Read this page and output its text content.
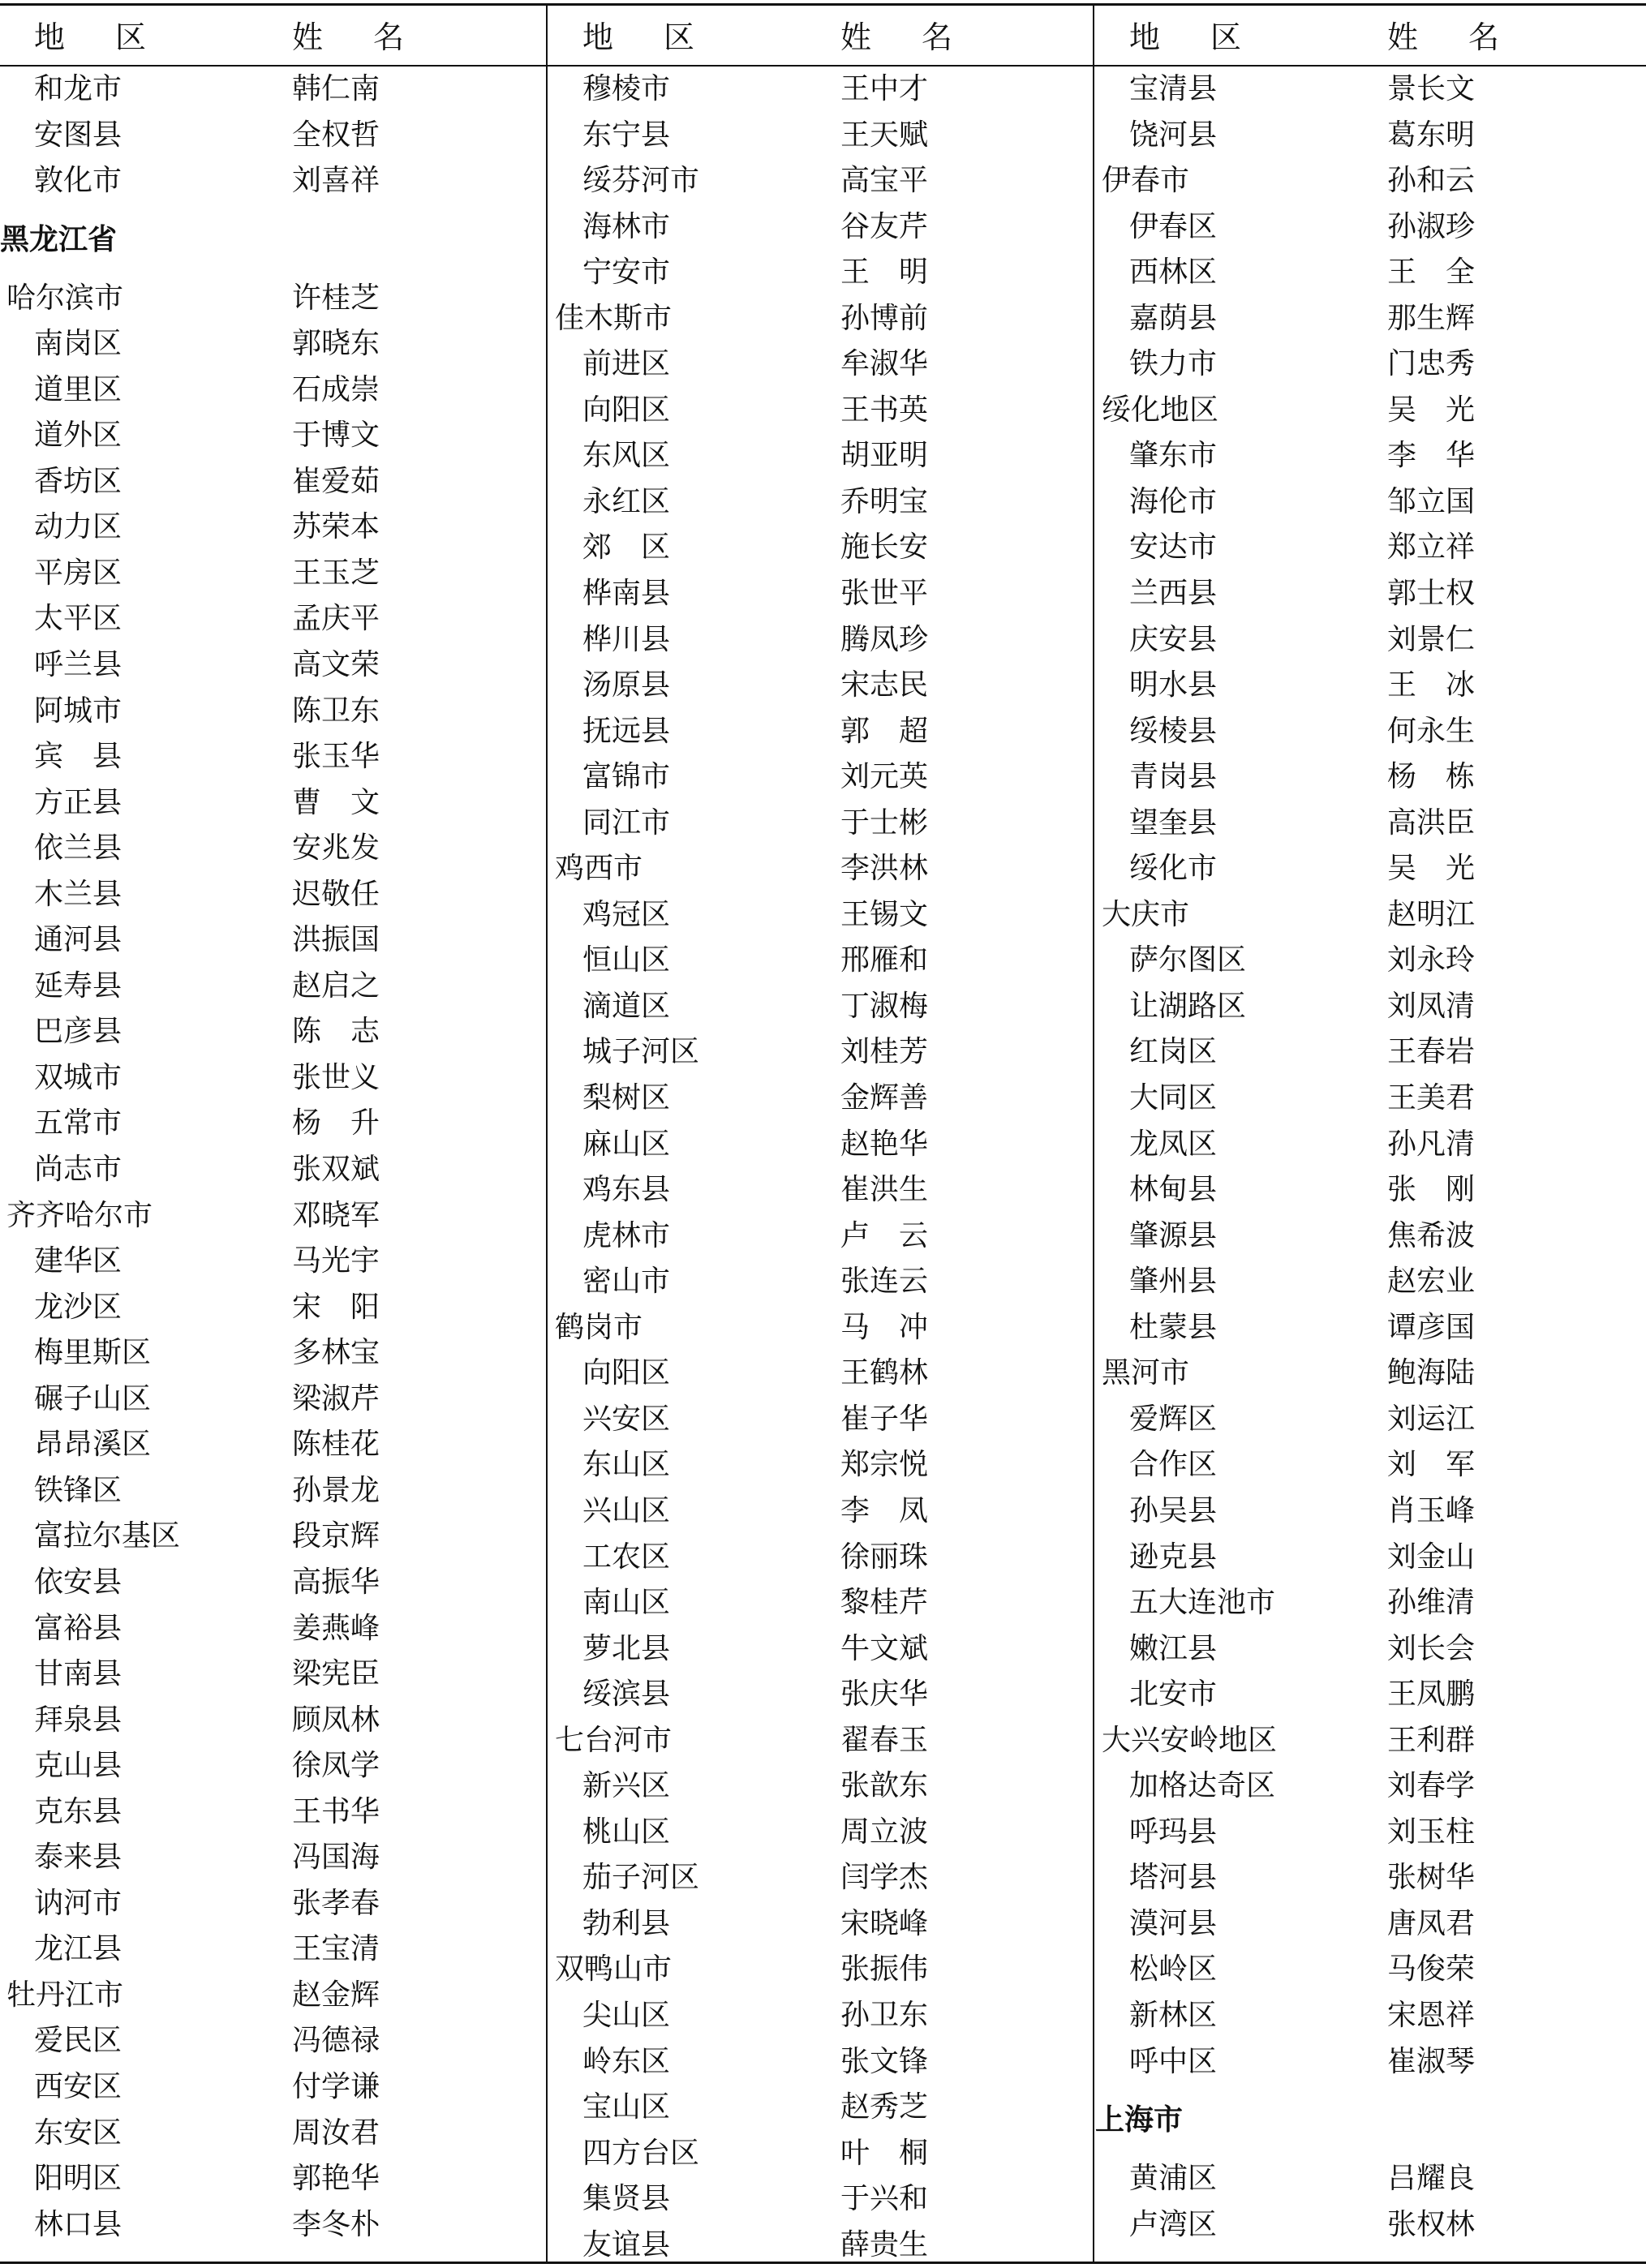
地　区	姓　名
和龙市	韩仁南
安图县	全权哲
敦化市	刘喜祥
黑龙江省
哈尔滨市	许桂芝
南岗区	郭晓东
道里区	石成崇
道外区	于博文
香坊区	崔爱茹
动力区	苏荣本
平房区	王玉芝
太平区	孟庆平
呼兰县	高文荣
阿城市	陈卫东
宾　县	张玉华
方正县	曹　文
依兰县	安兆发
木兰县	迟敬任
通河县	洪振国
延寿县	赵启之
巴彦县	陈　志
双城市	张世义
五常市	杨　升
尚志市	张双斌
齐齐哈尔市	邓晓军
建华区	马光宇
龙沙区	宋　阳
梅里斯区	多林宝
碾子山区	梁淑芹
昂昂溪区	陈桂花
铁锋区	孙景龙
富拉尔基区	段京辉
依安县	高振华
富裕县	姜燕峰
甘南县	梁宪臣
拜泉县	顾凤林
克山县	徐凤学
克东县	王书华
泰来县	冯国海
讷河市	张孝春
龙江县	王宝清
牡丹江市	赵金辉
爱民区	冯德禄
西安区	付学谦
东安区	周汝君
阳明区	郭艳华
林口县	李冬朴
地　区	姓　名
穆棱市	王中才
东宁县	王天赋
绥芬河市	高宝平
海林市	谷友芹
宁安市	王　明
佳木斯市	孙博前
前进区	牟淑华
向阳区	王书英
东风区	胡亚明
永红区	乔明宝
郊　区	施长安
桦南县	张世平
桦川县	腾凤珍
汤原县	宋志民
抚远县	郭　超
富锦市	刘元英
同江市	于士彬
鸡西市	李洪林
鸡冠区	王锡文
恒山区	邢雁和
滴道区	丁淑梅
城子河区	刘桂芳
梨树区	金辉善
麻山区	赵艳华
鸡东县	崔洪生
虎林市	卢　云
密山市	张连云
鹤岗市	马　冲
向阳区	王鹤林
兴安区	崔子华
东山区	郑宗悦
兴山区	李　凤
工农区	徐丽珠
南山区	黎桂芹
萝北县	牛文斌
绥滨县	张庆华
七台河市	翟春玉
新兴区	张歆东
桃山区	周立波
茄子河区	闫学杰
勃利县	宋晓峰
双鸭山市	张振伟
尖山区	孙卫东
岭东区	张文锋
宝山区	赵秀芝
四方台区	叶　桐
集贤县	于兴和
友谊县	薛贵生
地　区	姓　名
宝清县	景长文
饶河县	葛东明
伊春市	孙和云
伊春区	孙淑珍
西林区	王　全
嘉荫县	那生辉
铁力市	门忠秀
绥化地区	吴　光
肇东市	李　华
海伦市	邹立国
安达市	郑立祥
兰西县	郭士权
庆安县	刘景仁
明水县	王　冰
绥棱县	何永生
青岗县	杨　栋
望奎县	高洪臣
绥化市	吴　光
大庆市	赵明江
萨尔图区	刘永玲
让湖路区	刘凤清
红岗区	王春岩
大同区	王美君
龙凤区	孙凡清
林甸县	张　刚
肇源县	焦希波
肇州县	赵宏业
杜蒙县	谭彦国
黑河市	鲍海陆
爱辉区	刘运江
合作区	刘　军
孙吴县	肖玉峰
逊克县	刘金山
五大连池市	孙维清
嫩江县	刘长会
北安市	王凤鹏
大兴安岭地区	王利群
加格达奇区	刘春学
呼玛县	刘玉柱
塔河县	张树华
漠河县	唐凤君
松岭区	马俊荣
新林区	宋恩祥
呼中区	崔淑琴
上海市
黄浦区	吕耀良
卢湾区	张权林
